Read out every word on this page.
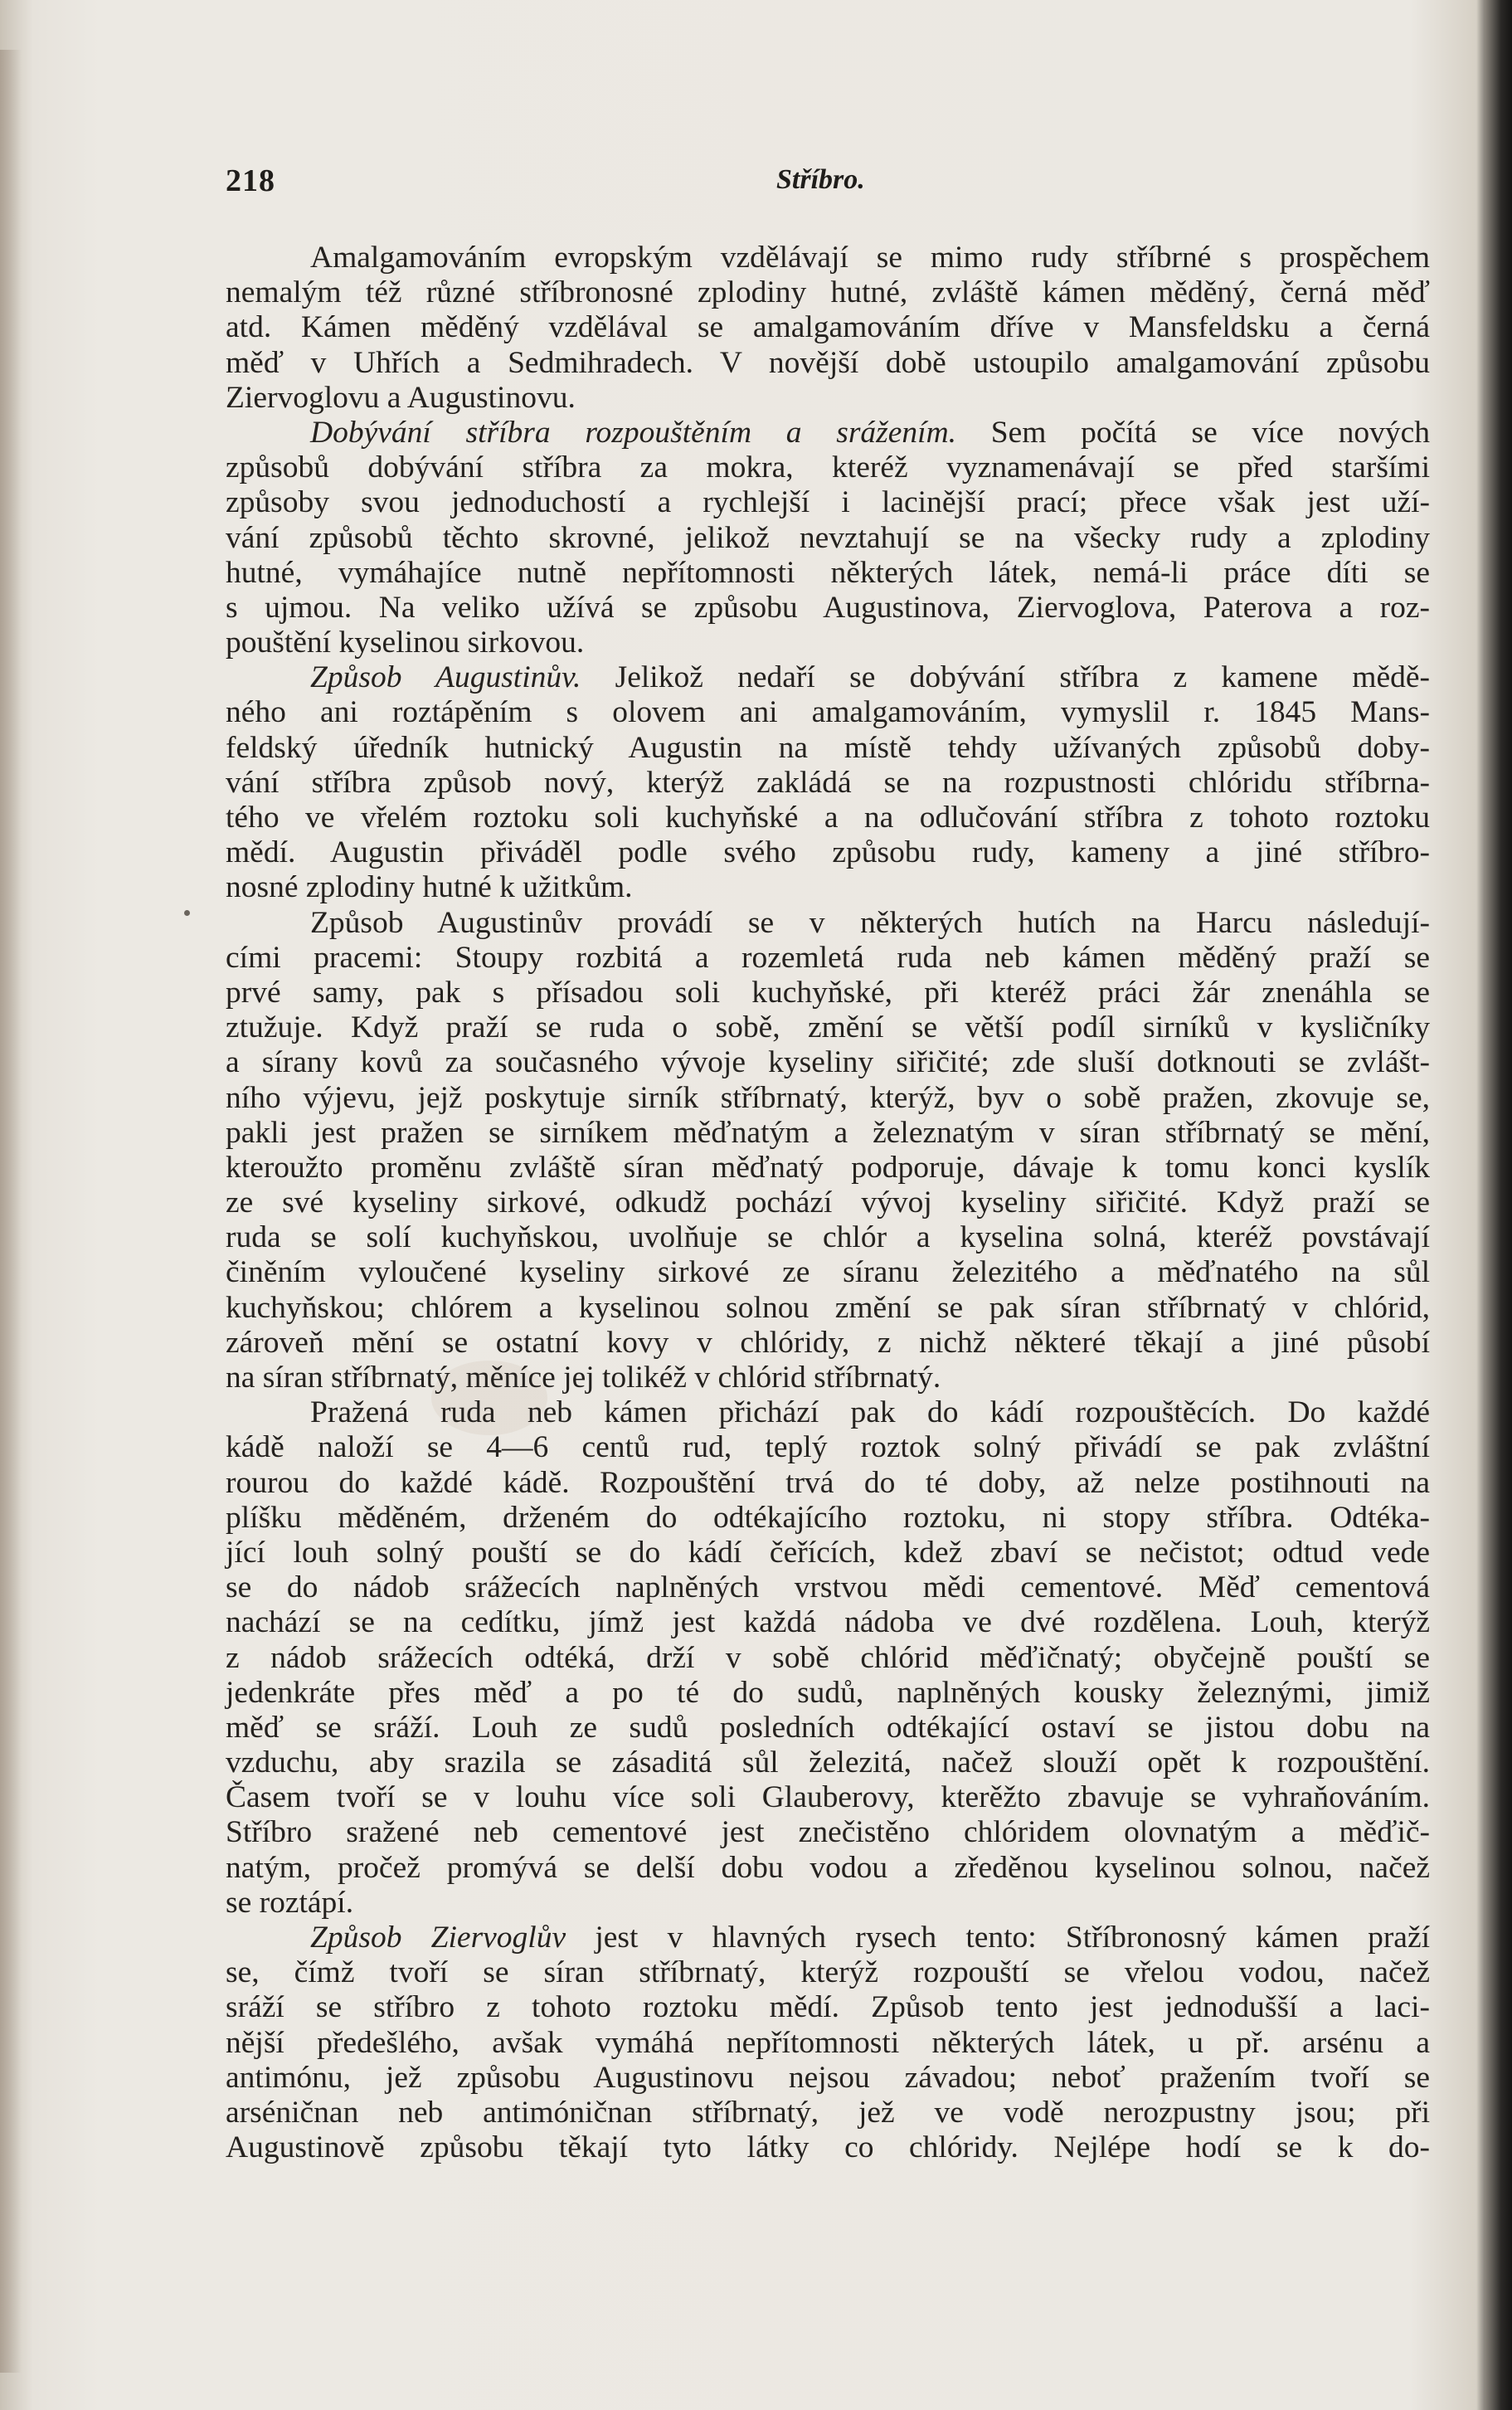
218	Stříbro.
Amalgamováním evropským vzdělávají se mimo rudy stříbrné s prospěchem
nemalým též různé stříbronosné zplodiny hutné, zvláště kámen měděný, černá měď
atd. Kámen měděný vzdělával se amalgamováním dříve v Mansfeldsku a černá
měď v Uhřích a Sedmihradech. V novější době ustoupilo amalgamování způsobu
Ziervoglovu a Augustinovu.
Dobývání stříbra rozpouštěním a srážením. Sem počítá se více nových
způsobů dobývání stříbra za mokra, kteréž vyznamenávají se před staršími
způsoby svou jednoduchostí a rychlejší i lacinější prací; přece však jest uží-
vání způsobů těchto skrovné, jelikož nevztahují se na všecky rudy a zplodiny
hutné, vymáhajíce nutně nepřítomnosti některých látek, nemá-li práce díti se
s ujmou. Na veliko užívá se způsobu Augustinova, Ziervoglova, Paterova a roz-
pouštění kyselinou sirkovou.
Způsob Augustinův. Jelikož nedaří se dobývání stříbra z kamene mědě-
ného ani roztápěním s olovem ani amalgamováním, vymyslil r. 1845 Mans-
feldský úředník hutnický Augustin na místě tehdy užívaných způsobů doby-
vání stříbra způsob nový, kterýž zakládá se na rozpustnosti chlóridu stříbrna-
tého ve vřelém roztoku soli kuchyňské a na odlučování stříbra z tohoto roztoku
mědí. Augustin přiváděl podle svého způsobu rudy, kameny a jiné stříbro-
nosné zplodiny hutné k užitkům.
Způsob Augustinův provádí se v některých hutích na Harcu následují-
cími pracemi: Stoupy rozbitá a rozemletá ruda neb kámen měděný praží se
prvé samy, pak s přísadou soli kuchyňské, při kteréž práci žár znenáhla se
ztužuje. Když praží se ruda o sobě, změní se větší podíl sirníků v kysličníky
a sírany kovů za současného vývoje kyseliny siřičité; zde sluší dotknouti se zvlášt-
ního výjevu, jejž poskytuje sirník stříbrnatý, kterýž, byv o sobě pražen, zkovuje se,
pakli jest pražen se sirníkem měďnatým a železnatým v síran stříbrnatý se mění,
kteroužto proměnu zvláště síran měďnatý podporuje, dávaje k tomu konci kyslík
ze své kyseliny sirkové, odkudž pochází vývoj kyseliny siřičité. Když praží se
ruda se solí kuchyňskou, uvolňuje se chlór a kyselina solná, kteréž povstávají
činěním vyloučené kyseliny sirkové ze síranu železitého a měďnatého na sůl
kuchyňskou; chlórem a kyselinou solnou změní se pak síran stříbrnatý v chlórid,
zároveň mění se ostatní kovy v chlóridy, z nichž některé těkají a jiné působí
na síran stříbrnatý, měníce jej tolikéž v chlórid stříbrnatý.
Pražená ruda neb kámen přichází pak do kádí rozpouštěcích. Do každé
kádě naloží se 4—6 centů rud, teplý roztok solný přivádí se pak zvláštní
rourou do každé kádě. Rozpouštění trvá do té doby, až nelze postihnouti na
plíšku měděném, drženém do odtékajícího roztoku, ni stopy stříbra. Odtéka-
jící louh solný pouští se do kádí čeřících, kdež zbaví se nečistot; odtud vede
se do nádob srážecích naplněných vrstvou mědi cementové. Měď cementová
nachází se na cedítku, jímž jest každá nádoba ve dvé rozdělena. Louh, kterýž
z nádob srážecích odtéká, drží v sobě chlórid měďičnatý; obyčejně pouští se
jedenkráte přes měď a po té do sudů, naplněných kousky železnými, jimiž
měď se sráží. Louh ze sudů posledních odtékající ostaví se jistou dobu na
vzduchu, aby srazila se zásaditá sůl železitá, načež slouží opět k rozpouštění.
Časem tvoří se v louhu více soli Glauberovy, kterěžto zbavuje se vyhraňováním.
Stříbro sražené neb cementové jest znečistěno chlóridem olovnatým a měďič-
natým, pročež promývá se delší dobu vodou a zředěnou kyselinou solnou, načež
se roztápí.
Způsob Ziervoglův jest v hlavných rysech tento: Stříbronosný kámen praží
se, čímž tvoří se síran stříbrnatý, kterýž rozpouští se vřelou vodou, načež
sráží se stříbro z tohoto roztoku mědí. Způsob tento jest jednodušší a laci-
nější předešlého, avšak vymáhá nepřítomnosti některých látek, u př. arsénu a
antimónu, jež způsobu Augustinovu nejsou závadou; neboť pražením tvoří se
arséničnan neb antimóničnan stříbrnatý, jež ve vodě nerozpustny jsou; při
Augustinově způsobu těkají tyto látky co chlóridy. Nejlépe hodí se k do-
